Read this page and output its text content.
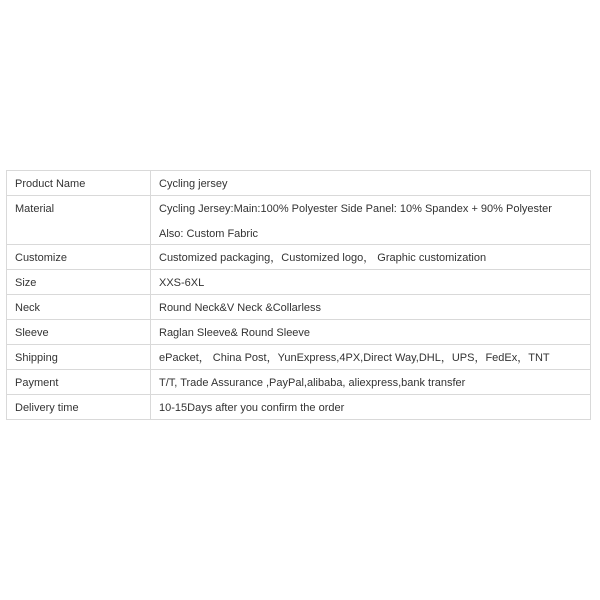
Product Name	Cycling jersey
Material	Cycling Jersey:Main:100% Polyester Side Panel: 10% Spandex + 90% Polyester
Also: Custom Fabric

Customize	Customized packaging，Customized logo， Graphic customization
Size	XXS-6XL
Neck	Round Neck&V Neck &Collarless
Sleeve	Raglan Sleeve& Round Sleeve
Shipping	ePacket， China Post，YunExpress,4PX,Direct Way,DHL，UPS，FedEx，TNT
Payment	T/T, Trade Assurance ,PayPal,alibaba, aliexpress,bank transfer
Delivery time	10-15Days after you confirm the order
